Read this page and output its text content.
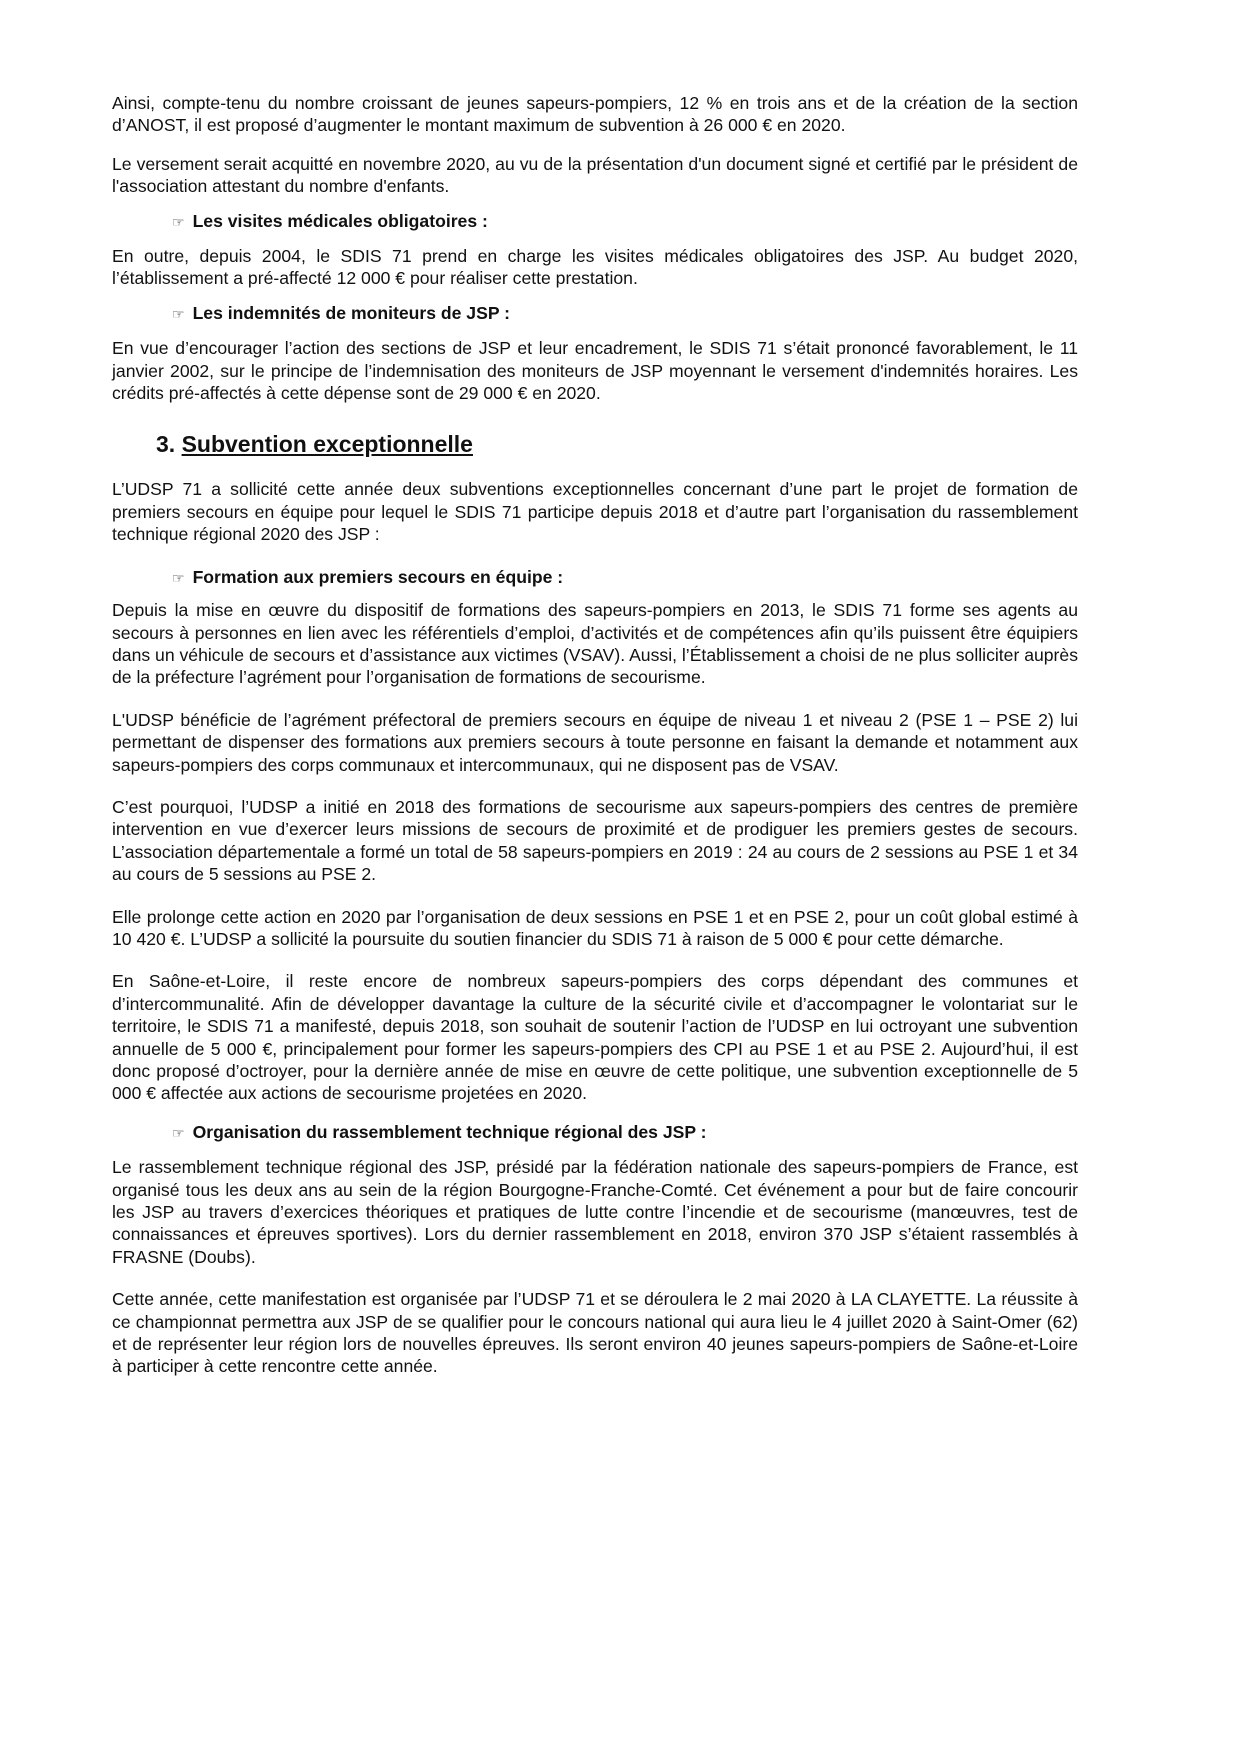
Ainsi, compte-tenu du nombre croissant de jeunes sapeurs-pompiers, 12 % en trois ans et de la création de la section d’ANOST, il est proposé d’augmenter le montant maximum de subvention à 26 000 € en 2020.

Le versement serait acquitté en novembre 2020, au vu de la présentation d'un document signé et certifié par le président de l'association attestant du nombre d'enfants.

☞ Les visites médicales obligatoires :

En outre, depuis 2004, le SDIS 71 prend en charge les visites médicales obligatoires des JSP. Au budget 2020, l’établissement a pré-affecté 12 000 € pour réaliser cette prestation.

☞ Les indemnités de moniteurs de JSP :

En vue d’encourager l’action des sections de JSP et leur encadrement, le SDIS 71 s’était prononcé favorablement, le 11 janvier 2002, sur le principe de l’indemnisation des moniteurs de JSP moyennant le versement d'indemnités horaires. Les crédits pré-affectés à cette dépense sont de 29 000 € en 2020.

3. Subvention exceptionnelle

L’UDSP 71 a sollicité cette année deux subventions exceptionnelles concernant d’une part le projet de formation de premiers secours en équipe pour lequel le SDIS 71 participe depuis 2018 et d’autre part l’organisation du rassemblement technique régional 2020 des JSP :

☞ Formation aux premiers secours en équipe :

Depuis la mise en œuvre du dispositif de formations des sapeurs-pompiers en 2013, le SDIS 71 forme ses agents au secours à personnes en lien avec les référentiels d’emploi, d’activités et de compétences afin qu’ils puissent être équipiers dans un véhicule de secours et d’assistance aux victimes (VSAV). Aussi, l’Établissement a choisi de ne plus solliciter auprès de la préfecture l’agrément pour l’organisation de formations de secourisme.

L'UDSP bénéficie de l’agrément préfectoral de premiers secours en équipe de niveau 1 et niveau 2 (PSE 1 – PSE 2) lui permettant de dispenser des formations aux premiers secours à toute personne en faisant la demande et notamment aux sapeurs-pompiers des corps communaux et intercommunaux, qui ne disposent pas de VSAV.

C’est pourquoi, l’UDSP a initié en 2018 des formations de secourisme aux sapeurs-pompiers des centres de première intervention en vue d’exercer leurs missions de secours de proximité et de prodiguer les premiers gestes de secours. L’association départementale a formé un total de 58 sapeurs-pompiers en 2019 : 24 au cours de 2 sessions au PSE 1 et 34 au cours de 5 sessions au PSE 2.

Elle prolonge cette action en 2020 par l’organisation de deux sessions en PSE 1 et en PSE 2, pour un coût global estimé à 10 420 €. L’UDSP a sollicité la poursuite du soutien financier du SDIS 71 à raison de 5 000 € pour cette démarche.

En Saône-et-Loire, il reste encore de nombreux sapeurs-pompiers des corps dépendant des communes et d’intercommunalité. Afin de développer davantage la culture de la sécurité civile et d’accompagner le volontariat sur le territoire, le SDIS 71 a manifesté, depuis 2018, son souhait de soutenir l’action de l’UDSP en lui octroyant une subvention annuelle de 5 000 €, principalement pour former les sapeurs-pompiers des CPI au PSE 1 et au PSE 2. Aujourd’hui, il est donc proposé d’octroyer, pour la dernière année de mise en œuvre de cette politique, une subvention exceptionnelle de 5 000 € affectée aux actions de secourisme projetées en 2020.

☞ Organisation du rassemblement technique régional des JSP :

Le rassemblement technique régional des JSP, présidé par la fédération nationale des sapeurs-pompiers de France, est organisé tous les deux ans au sein de la région Bourgogne-Franche-Comté. Cet événement a pour but de faire concourir les JSP au travers d’exercices théoriques et pratiques de lutte contre l’incendie et de secourisme (manœuvres, test de connaissances et épreuves sportives). Lors du dernier rassemblement en 2018, environ 370 JSP s’étaient rassemblés à FRASNE (Doubs).

Cette année, cette manifestation est organisée par l’UDSP 71 et se déroulera le 2 mai 2020 à LA CLAYETTE. La réussite à ce championnat permettra aux JSP de se qualifier pour le concours national qui aura lieu le 4 juillet 2020 à Saint-Omer (62) et de représenter leur région lors de nouvelles épreuves. Ils seront environ 40 jeunes sapeurs-pompiers de Saône-et-Loire à participer à cette rencontre cette année.
